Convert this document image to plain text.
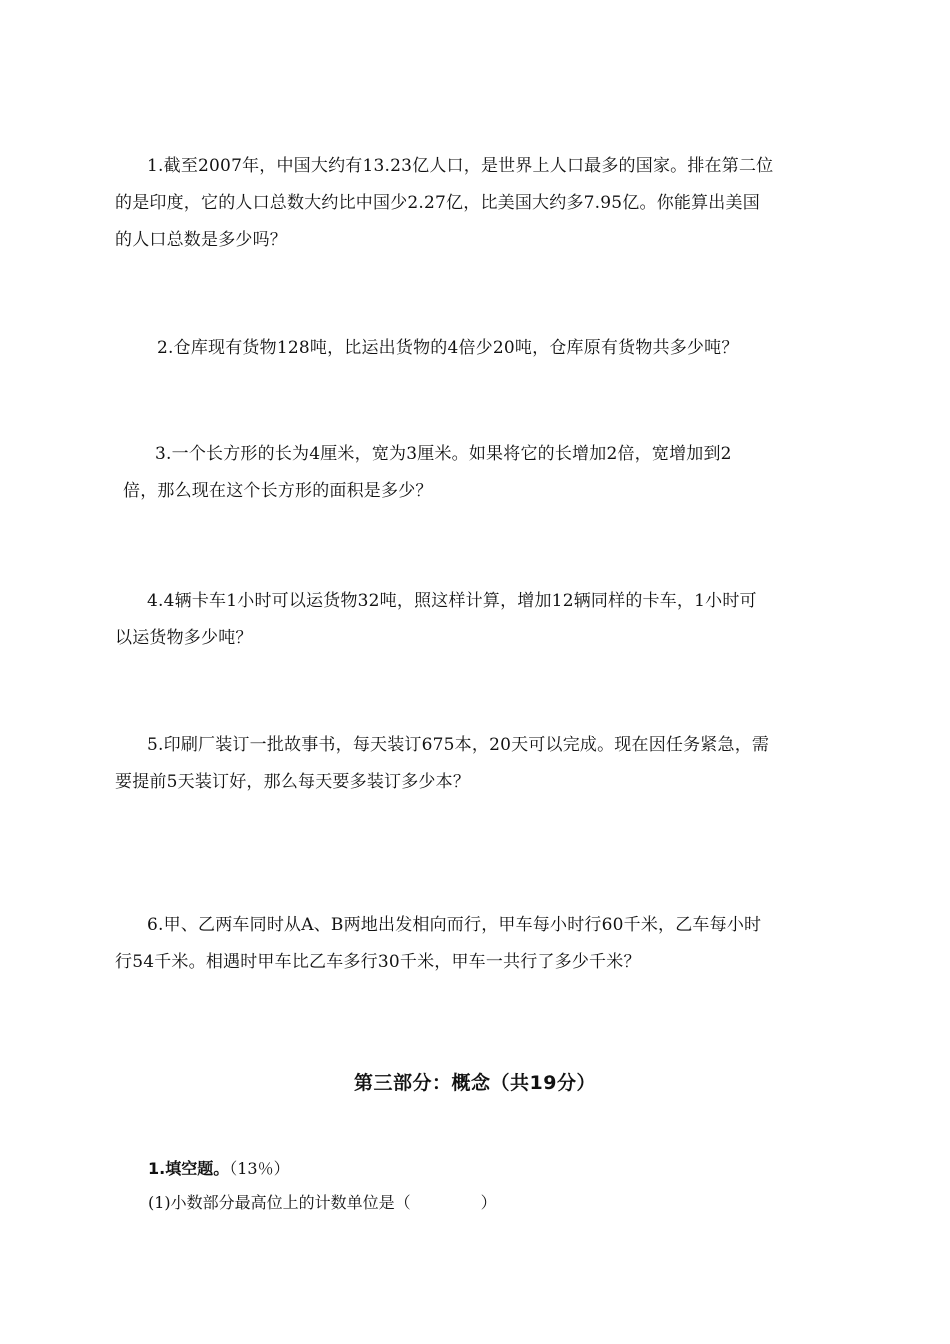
1.截至2007年，中国大约有13.23亿人口，是世界上人口最多的国家。排在第二位
的是印度，它的人口总数大约比中国少2.27亿，比美国大约多7.95亿。你能算出美国
的人口总数是多少吗？
2.仓库现有货物128吨，比运出货物的4倍少20吨，仓库原有货物共多少吨？
3.一个长方形的长为4厘米，宽为3厘米。如果将它的长增加2倍，宽增加到2
倍，那么现在这个长方形的面积是多少？
4.4辆卡车1小时可以运货物32吨，照这样计算，增加12辆同样的卡车，1小时可
以运货物多少吨？
5.印刷厂装订一批故事书，每天装订675本，20天可以完成。现在因任务紧急，需
要提前5天装订好，那么每天要多装订多少本？
6.甲、乙两车同时从A、B两地出发相向而行，甲车每小时行60千米，乙车每小时
行54千米。相遇时甲车比乙车多行30千米，甲车一共行了多少千米？
第三部分：概念（共19分）
1.填空题。（13％）
(1)小数部分最高位上的计数单位是（	）
